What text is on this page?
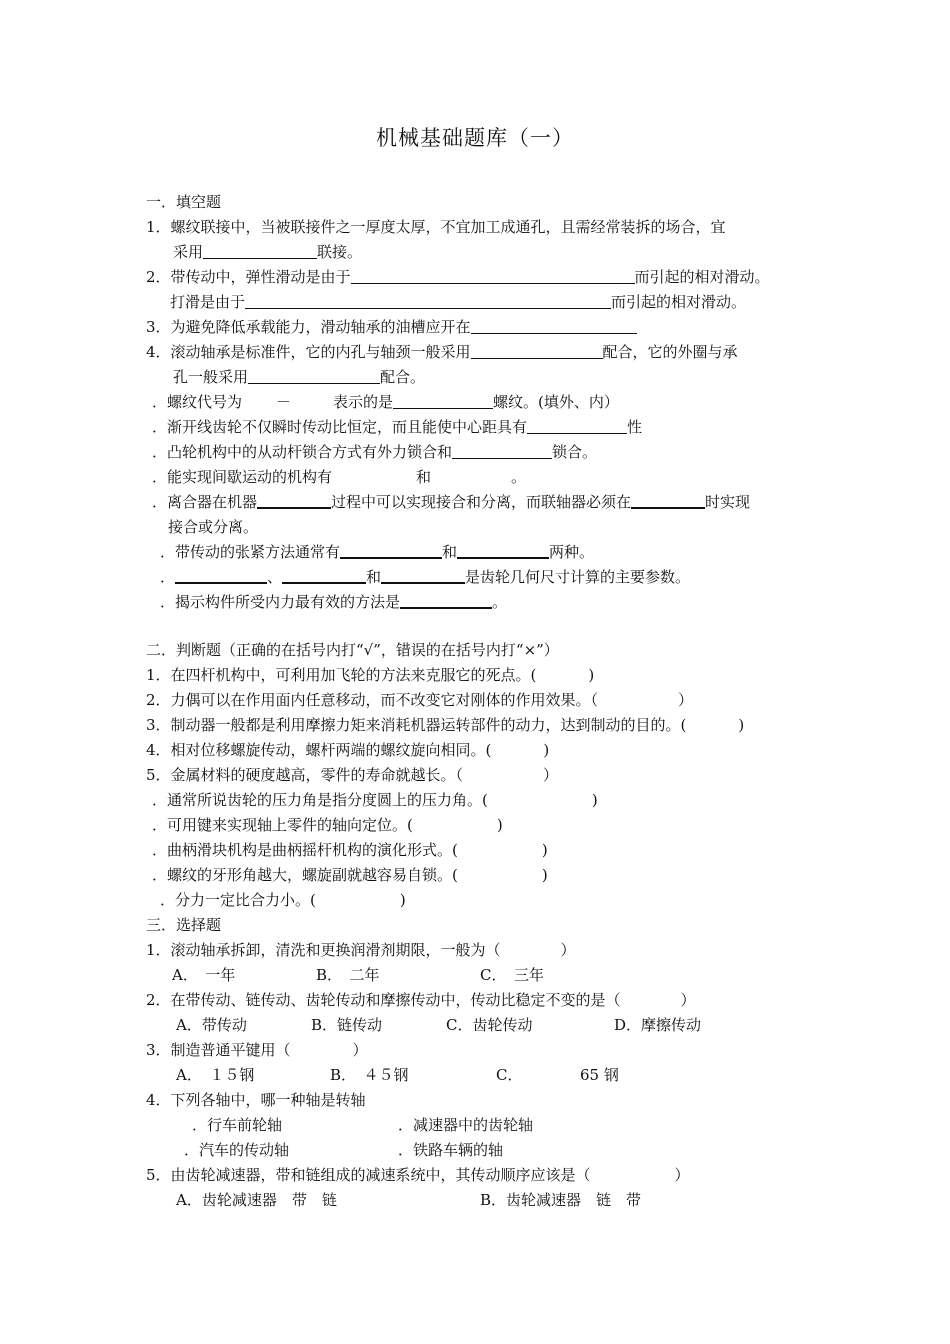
机械基础题库（一）
一．填空题
1．螺纹联接中，当被联接件之一厚度太厚，不宜加工成通孔，且需经常装拆的场合，宜
采用	联接。
2．带传动中，弹性滑动是由于	而引起的相对滑动。
打滑是由于	而引起的相对滑动。
3．为避免降低承载能力，滑动轴承的油槽应开在
4．滚动轴承是标准件，它的内孔与轴颈一般采用	配合，它的外圈与承
孔一般采用	配合。
．螺纹代号为 －	表示的是	螺纹。(填外、内）
．渐开线齿轮不仅瞬时传动比恒定，而且能使中心距具有	性
．凸轮机构中的从动杆锁合方式有外力锁合和	锁合。
．能实现间歇运动的机构有	和	。
．离合器在机器	过程中可以实现接合和分离，而联轴器必须在	时实现
接合或分离。
．带传动的张紧方法通常有	和	两种。
．	、	和	是齿轮几何尺寸计算的主要参数。
．揭示构件所受内力最有效的方法是	。
二．判断题（正确的在括号内打“√”，错误的在括号内打“×”）
1．在四杆机构中，可利用加飞轮的方法来克服它的死点。(	)
2．力偶可以在作用面内任意移动，而不改变它对刚体的作用效果。（	）
3．制动器一般都是利用摩擦力矩来消耗机器运转部件的动力，达到制动的目的。(	)
4．相对位移螺旋传动，螺杆两端的螺纹旋向相同。(	)
5．金属材料的硬度越高，零件的寿命就越长。（	）
．通常所说齿轮的压力角是指分度圆上的压力角。(	)
．可用键来实现轴上零件的轴向定位。(	)
．曲柄滑块机构是曲柄摇杆机构的演化形式。(	)
．螺纹的牙形角越大，螺旋副就越容易自锁。(	)
．分力一定比合力小。(	)
三．选择题
1．滚动轴承拆卸，清洗和更换润滑剂期限，一般为（	）
A．　一年	B．　二年	C．　三年
2．在带传动、链传动、齿轮传动和摩擦传动中，传动比稳定不变的是（	）
A．带传动	B．链传动	C．齿轮传动	D．摩擦传动
3．制造普通平键用（	）
A．　１５钢	B．　４５钢	C．	65 钢
4．下列各轴中，哪一种轴是转轴
．行车前轮轴	．减速器中的齿轮轴
．汽车的传动轴	．铁路车辆的轴
5．由齿轮减速器，带和链组成的减速系统中，其传动顺序应该是（	）
A．齿轮减速器　带　链	B．齿轮减速器　链　带
